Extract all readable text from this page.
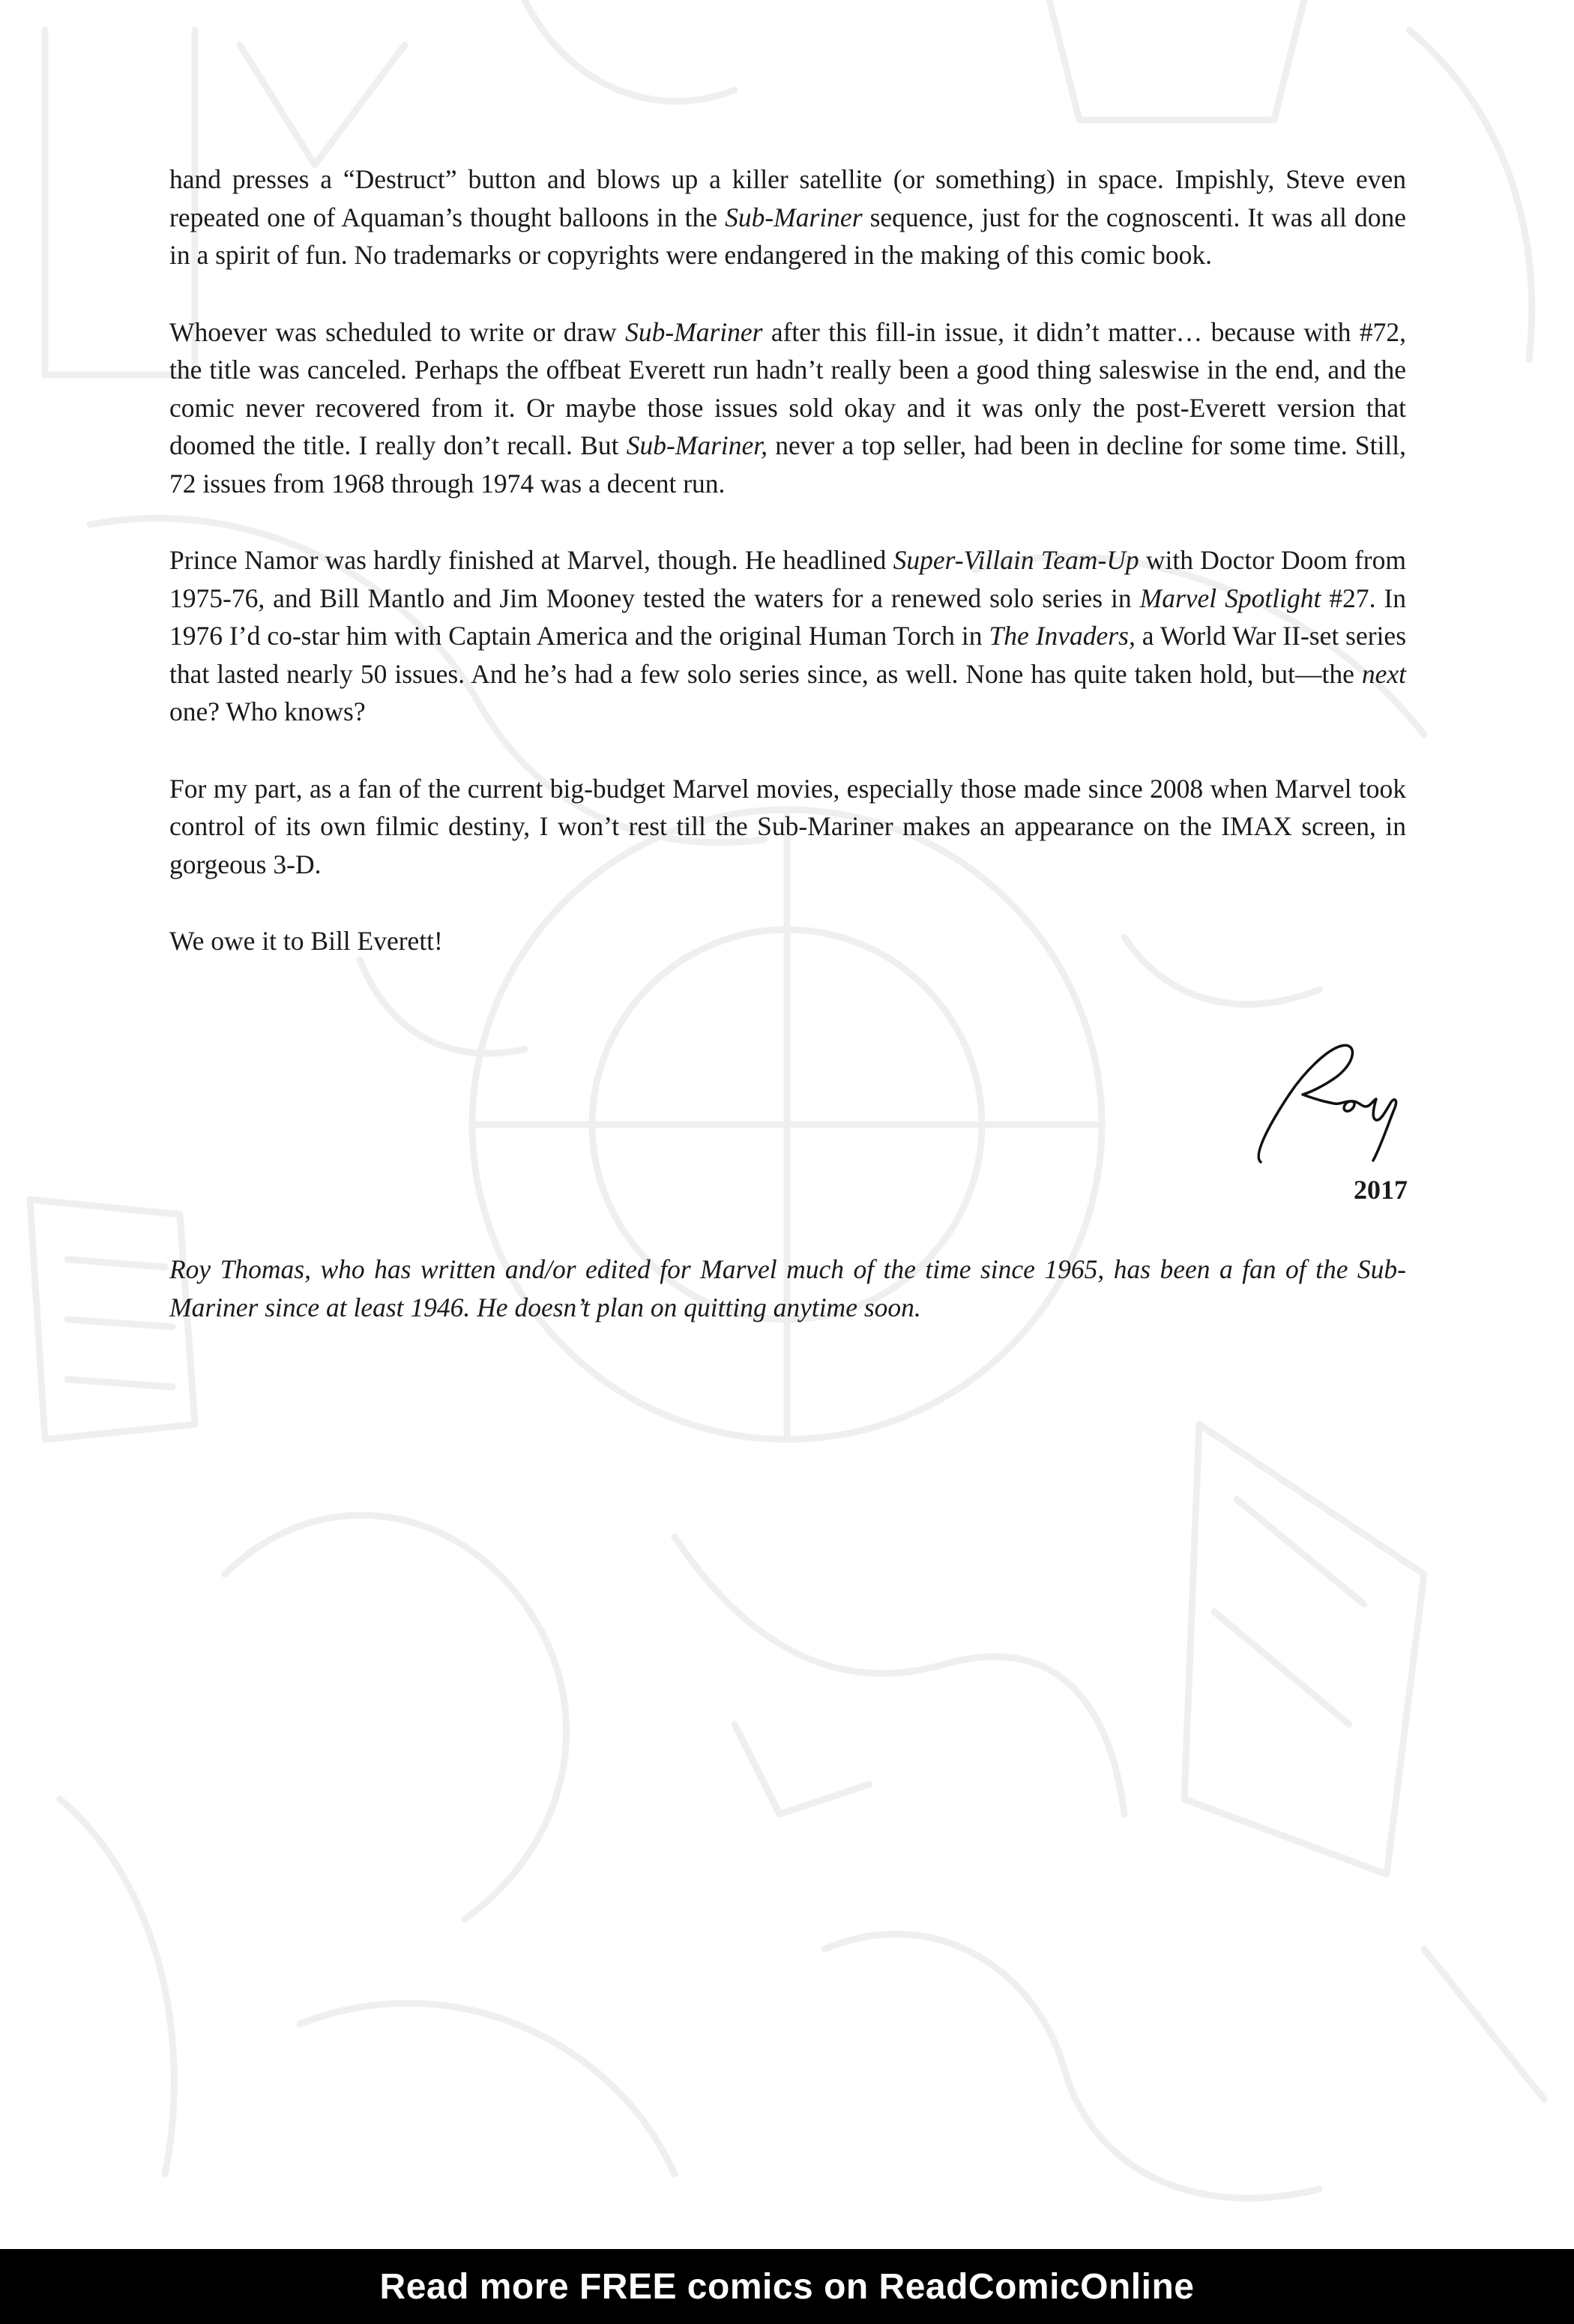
hand presses a “Destruct” button and blows up a killer satellite (or something) in space. Impishly, Steve even repeated one of Aquaman’s thought balloons in the Sub-Mariner sequence, just for the cognoscenti. It was all done in a spirit of fun. No trademarks or copyrights were endangered in the making of this comic book.

Whoever was scheduled to write or draw Sub-Mariner after this fill-in issue, it didn’t matter… because with #72, the title was canceled. Perhaps the offbeat Everett run hadn’t really been a good thing saleswise in the end, and the comic never recovered from it. Or maybe those issues sold okay and it was only the post-Everett version that doomed the title. I really don’t recall. But Sub-Mariner, never a top seller, had been in decline for some time. Still, 72 issues from 1968 through 1974 was a decent run.

Prince Namor was hardly finished at Marvel, though. He headlined Super-Villain Team-Up with Doctor Doom from 1975-76, and Bill Mantlo and Jim Mooney tested the waters for a renewed solo series in Marvel Spotlight #27. In 1976 I’d co-star him with Captain America and the original Human Torch in The Invaders, a World War II-set series that lasted nearly 50 issues. And he’s had a few solo series since, as well. None has quite taken hold, but—the next one? Who knows?

For my part, as a fan of the current big-budget Marvel movies, especially those made since 2008 when Marvel took control of its own filmic destiny, I won’t rest till the Sub-Mariner makes an appearance on the IMAX screen, in gorgeous 3-D.

We owe it to Bill Everett!

2017
Roy Thomas, who has written and/or edited for Marvel much of the time since 1965, has been a fan of the Sub-Mariner since at least 1946. He doesn’t plan on quitting anytime soon.
Read more FREE comics on ReadComicOnline
